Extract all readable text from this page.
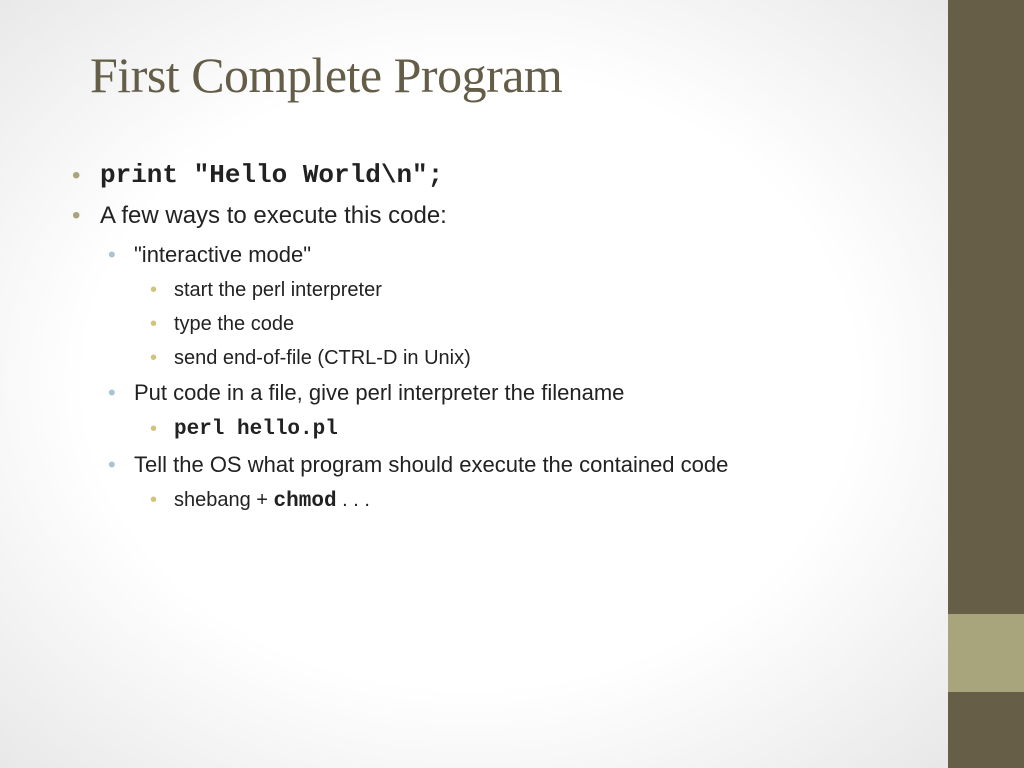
First Complete Program
• print "Hello World\n";
• A few ways to execute this code:
• "interactive mode"
• start the perl interpreter
• type the code
• send end-of-file (CTRL-D in Unix)
• Put code in a file, give perl interpreter the filename
• perl hello.pl
• Tell the OS what program should execute the contained code
• shebang + chmod . . .
